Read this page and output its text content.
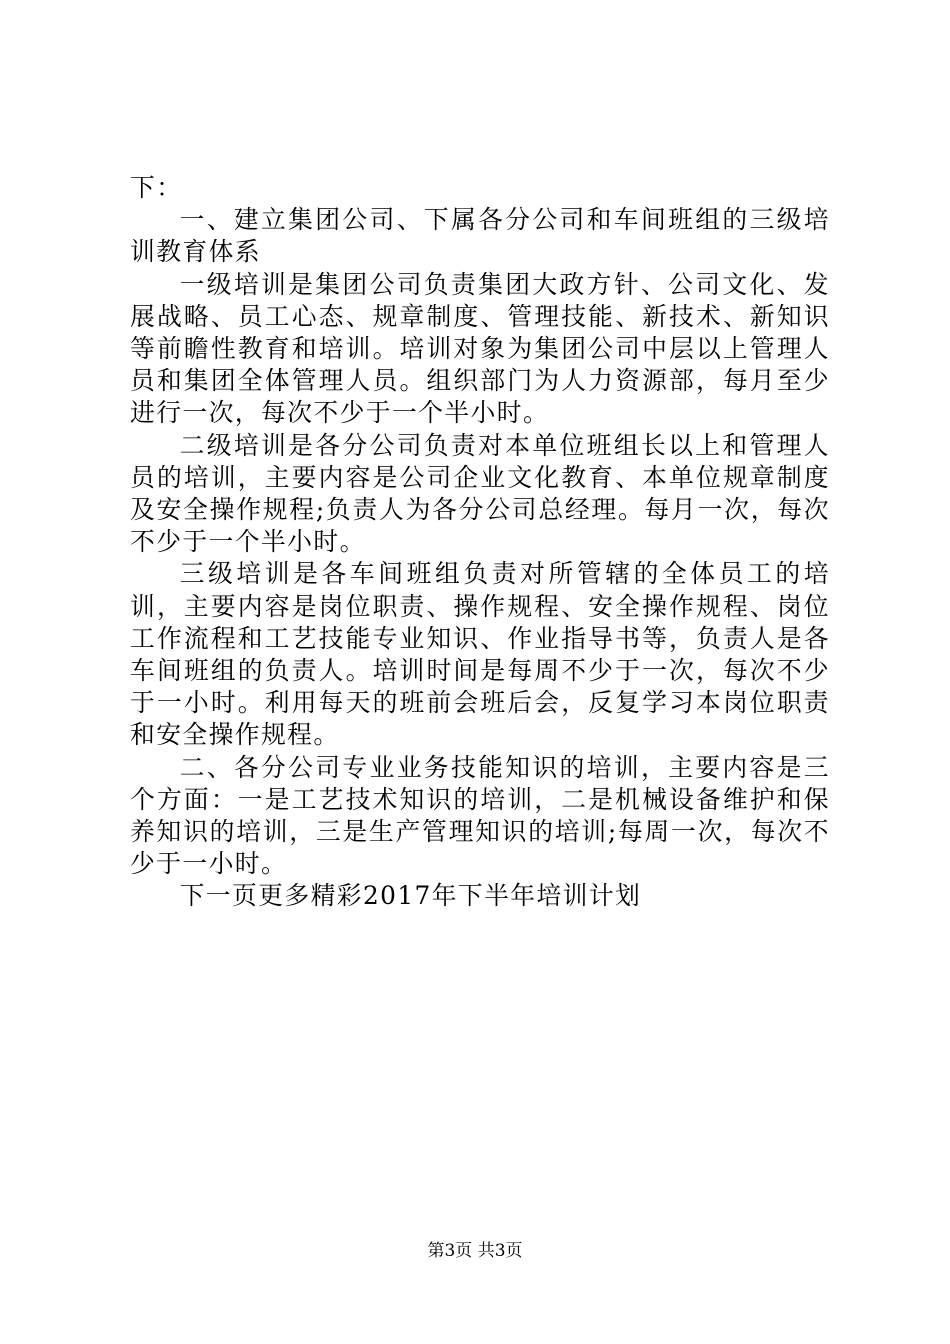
下：

一、建立集团公司、下属各分公司和车间班组的三级培训教育体系

一级培训是集团公司负责集团大政方针、公司文化、发展战略、员工心态、规章制度、管理技能、新技术、新知识等前瞻性教育和培训。培训对象为集团公司中层以上管理人员和集团全体管理人员。组织部门为人力资源部，每月至少进行一次，每次不少于一个半小时。

二级培训是各分公司负责对本单位班组长以上和管理人员的培训，主要内容是公司企业文化教育、本单位规章制度及安全操作规程;负责人为各分公司总经理。每月一次，每次不少于一个半小时。

三级培训是各车间班组负责对所管辖的全体员工的培训，主要内容是岗位职责、操作规程、安全操作规程、岗位工作流程和工艺技能专业知识、作业指导书等，负责人是各车间班组的负责人。培训时间是每周不少于一次，每次不少于一小时。利用每天的班前会班后会，反复学习本岗位职责和安全操作规程。

二、各分公司专业业务技能知识的培训，主要内容是三个方面：一是工艺技术知识的培训，二是机械设备维护和保养知识的培训，三是生产管理知识的培训;每周一次，每次不少于一小时。

下一页更多精彩2017年下半年培训计划

第3页 共3页
